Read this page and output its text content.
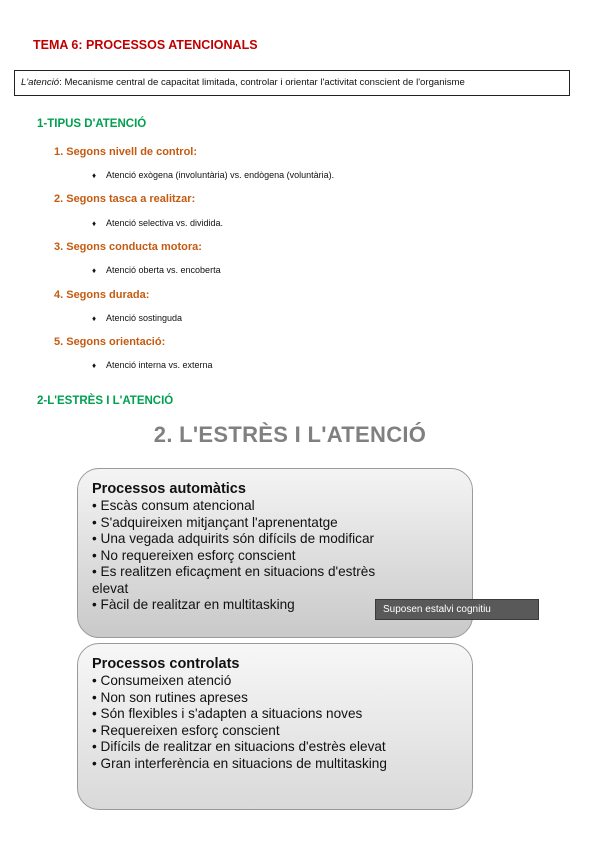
TEMA 6: PROCESSOS ATENCIONALS
L'atenció: Mecanisme central de capacitat limitada, controlar i orientar l'activitat conscient de l'organisme
1-TIPUS D'ATENCIÓ
1. Segons nivell de control:
♦ Atenció exògena (involuntària) vs. endògena (voluntària).
2. Segons tasca a realitzar:
♦ Atenció selectiva vs. dividida.
3. Segons conducta motora:
♦ Atenció oberta vs. encoberta
4. Segons durada:
♦ Atenció sostinguda
5. Segons orientació:
♦ Atenció interna vs. externa
2-L'ESTRÈS I L'ATENCIÓ
2. L'ESTRÈS I L'ATENCIÓ
Processos automàtics
• Escàs consum atencional
• S'adquireixen mitjançant l'aprenentatge
• Una vegada adquirits són difícils de modificar
• No requereixen esforç conscient
• Es realitzen eficaçment en situacions d'estrès
elevat
• Fàcil de realitzar en multitasking	Suposen estalvi cognitiu
Processos controlats
• Consumeixen atenció
• Non son rutines apreses
• Són flexibles i s'adapten a situacions noves
• Requereixen esforç conscient
• Difícils de realitzar en situacions d'estrès elevat
• Gran interferència en situacions de multitasking
